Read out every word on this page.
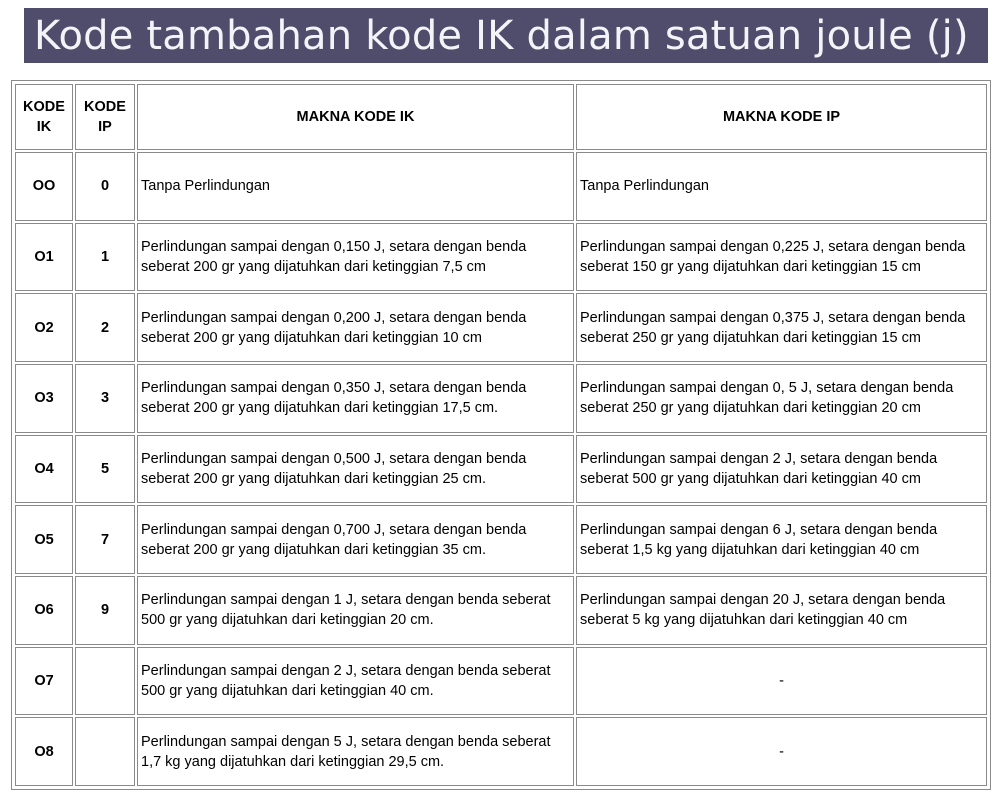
Kode tambahan kode IK dalam satuan joule (j)
KODE IK	KODE IP	MAKNA KODE IK	MAKNA KODE IP
OO	0	Tanpa Perlindungan	Tanpa Perlindungan
O1	1	Perlindungan sampai dengan 0,150 J, setara dengan benda seberat 200 gr yang dijatuhkan dari ketinggian 7,5 cm	Perlindungan sampai dengan 0,225 J, setara dengan benda seberat 150 gr yang dijatuhkan dari ketinggian 15 cm
O2	2	Perlindungan sampai dengan 0,200 J, setara dengan benda seberat 200 gr yang dijatuhkan dari ketinggian 10 cm	Perlindungan sampai dengan 0,375 J, setara dengan benda seberat 250 gr yang dijatuhkan dari ketinggian 15 cm
O3	3	Perlindungan sampai dengan 0,350 J, setara dengan benda seberat 200 gr yang dijatuhkan dari ketinggian 17,5 cm.	Perlindungan sampai dengan 0, 5 J, setara dengan benda seberat 250 gr yang dijatuhkan dari ketinggian 20 cm
O4	5	Perlindungan sampai dengan 0,500 J, setara dengan benda seberat 200 gr yang dijatuhkan dari ketinggian 25 cm.	Perlindungan sampai dengan 2 J, setara dengan benda seberat 500 gr yang dijatuhkan dari ketinggian 40 cm
O5	7	Perlindungan sampai dengan 0,700 J, setara dengan benda seberat 200 gr yang dijatuhkan dari ketinggian 35 cm.	Perlindungan sampai dengan 6 J, setara dengan benda seberat 1,5 kg yang dijatuhkan dari ketinggian 40 cm
O6	9	Perlindungan sampai dengan 1 J, setara dengan benda seberat 500 gr yang dijatuhkan dari ketinggian 20 cm.	Perlindungan sampai dengan 20 J, setara dengan benda seberat 5 kg yang dijatuhkan dari ketinggian 40 cm
O7		Perlindungan sampai dengan 2 J, setara dengan benda seberat 500 gr yang dijatuhkan dari ketinggian 40 cm.	-
O8		Perlindungan sampai dengan 5 J, setara dengan benda seberat 1,7 kg yang dijatuhkan dari ketinggian 29,5 cm.	-
